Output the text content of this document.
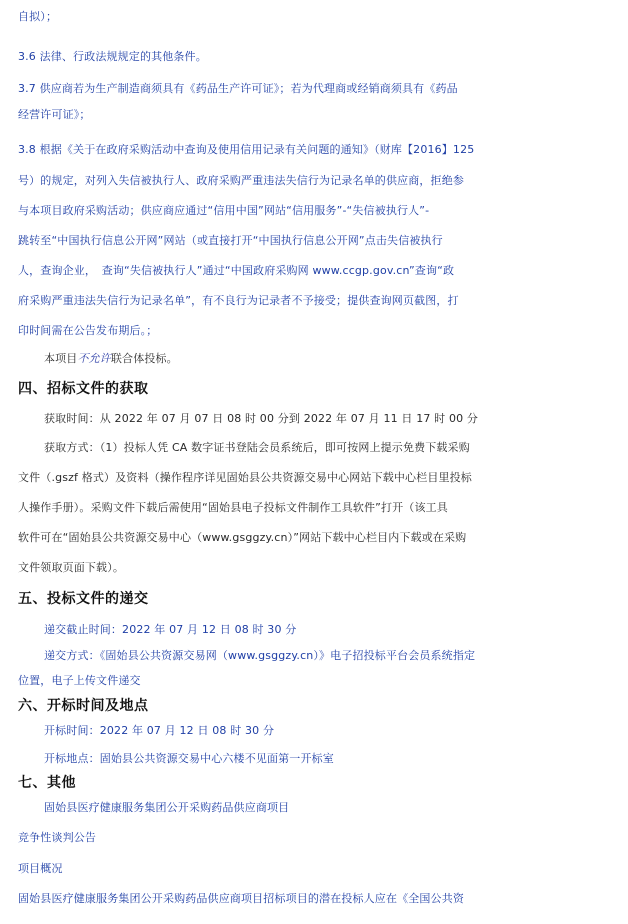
自拟）；
3.6 法律、行政法规规定的其他条件。
3.7 供应商若为生产制造商须具有《药品生产许可证》；若为代理商或经销商须具有《药品
经营许可证》；
3.8 根据《关于在政府采购活动中查询及使用信用记录有关问题的通知》（财库【2016】125
号）的规定，对列入失信被执行人、政府采购严重违法失信行为记录名单的供应商，拒绝参
与本项目政府采购活动；供应商应通过“信用中国”网站“信用服务”-“失信被执行人”-
跳转至“中国执行信息公开网”网站（或直接打开“中国执行信息公开网”点击失信被执行
人，查询企业，　查询“失信被执行人”通过“中国政府采购网 www.ccgp.gov.cn”查询“政
府采购严重违法失信行为记录名单”，有不良行为记录者不予接受；提供查询网页截图，打
印时间需在公告发布期后。；
本项目不允许联合体投标。
四、招标文件的获取
获取时间：从 2022 年 07 月 07 日 08 时 00 分到 2022 年 07 月 11 日 17 时 00 分
获取方式：（1）投标人凭 CA 数字证书登陆会员系统后，即可按网上提示免费下载采购
文件（.gszf 格式）及资料（操作程序详见固始县公共资源交易中心网站下载中心栏目里投标
人操作手册）。采购文件下载后需使用“固始县电子投标文件制作工具软件”打开（该工具
软件可在“固始县公共资源交易中心（www.gsggzy.cn）”网站下载中心栏目内下载或在采购
文件领取页面下载）。
五、投标文件的递交
递交截止时间：2022 年 07 月 12 日 08 时 30 分
递交方式：《固始县公共资源交易网（www.gsggzy.cn）》电子招投标平台会员系统指定
位置，电子上传文件递交
六、开标时间及地点
开标时间：2022 年 07 月 12 日 08 时 30 分
开标地点：固始县公共资源交易中心六楼不见面第一开标室
七、其他
固始县医疗健康服务集团公开采购药品供应商项目
竞争性谈判公告
项目概况
固始县医疗健康服务集团公开采购药品供应商项目招标项目的潜在投标人应在《全国公共资
